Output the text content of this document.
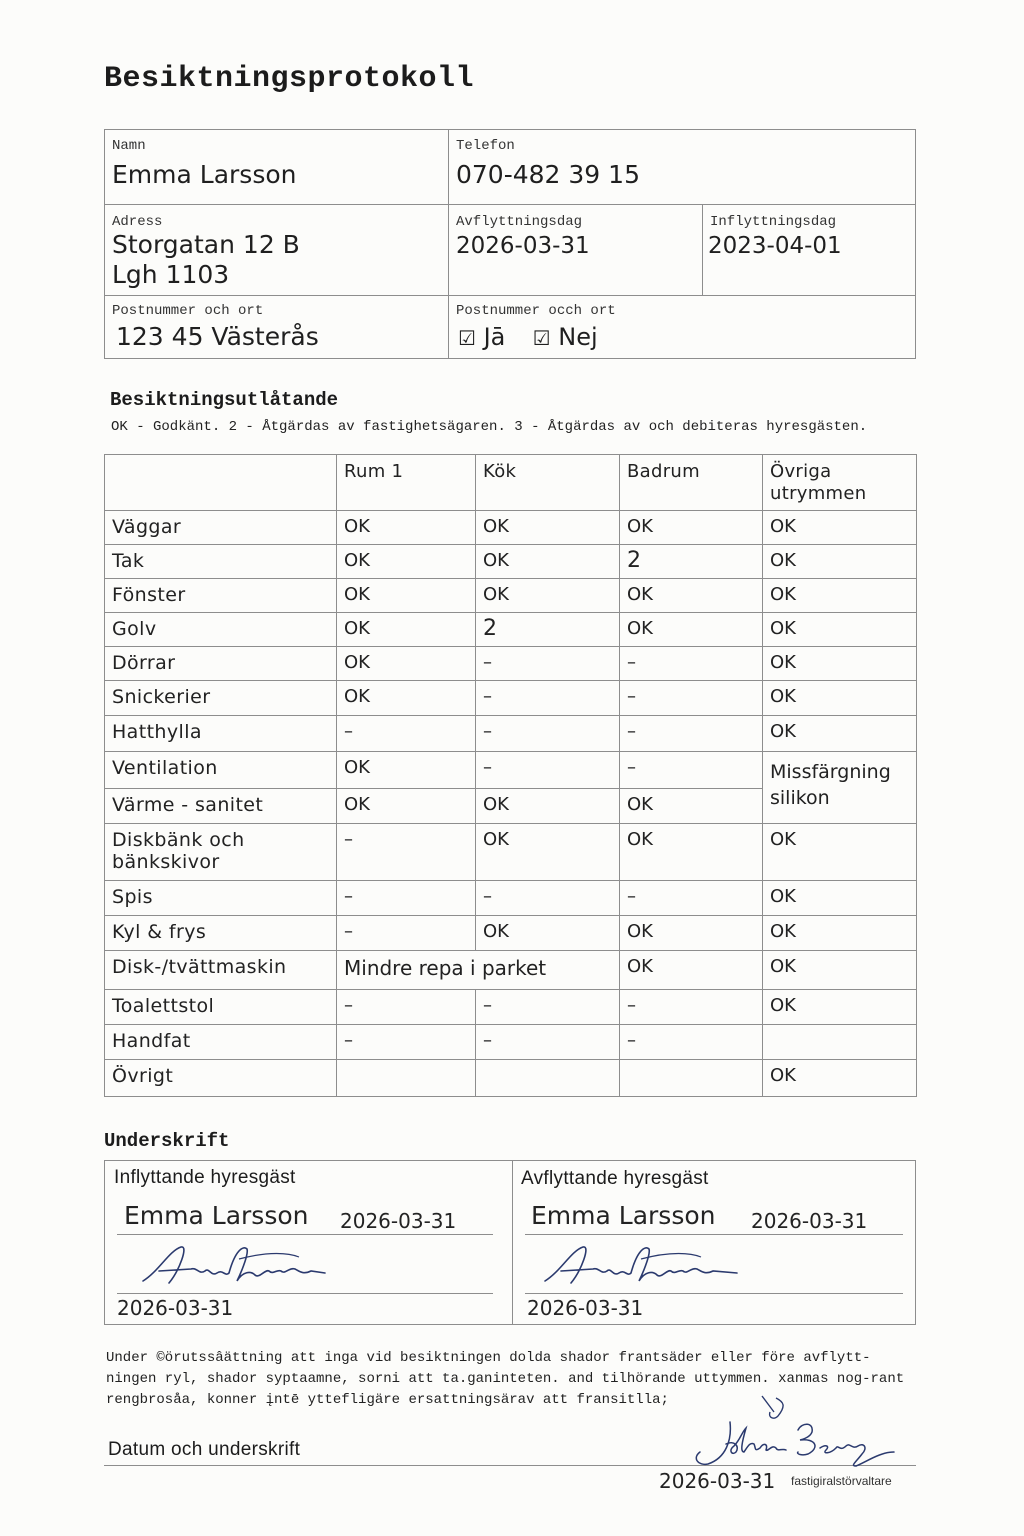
Besiktningsprotokoll
Namn
Emma Larsson
Telefon
070-482 39 15
Adress
Storgatan 12 B
Lgh 1103
Avflyttningsdag
2026-03-31
Inflyttningsdag
2023-04-01
Postnummer och ort
123 45 Västerås
Postnummer occh ort
☑ Jā ☑ Nej
Besiktningsutlåtande
OK - Godkänt. 2 - Åtgärdas av fastighetsägaren. 3 - Åtgärdas av och debiteras hyresgästen.
	Rum 1	Kök	Badrum	Övriga utrymmen
Väggar	OK	OK	OK	OK
Tak	OK	OK	2	OK
Fönster	OK	OK	OK	OK
Golv	OK	2	OK	OK
Dörrar	OK	–	–	OK
Snickerier	OK	–	–	OK
Hatthylla	–	–	–	OK
Ventilation	OK	–	–	Missfärgning silikon
Värme - sanitet	OK	OK	OK	
Diskbänk och bänkskivor	–	OK	OK	OK
Spis	–	–	–	OK
Kyl & frys	–	OK	OK	OK
Disk-/tvättmaskin	Mindre repa i parket		OK	OK
Toalettstol	–	–	–	OK
Handfat	–	–	–	
Övrigt				OK
Underskrift
Inflyttande hyresgäst
Emma Larsson 2026-03-31
2026-03-31
Avflyttande hyresgäst
Emma Larsson 2026-03-31
2026-03-31
Under ©örutssâättning att inga vid besiktningen dolda shador frantsäder eller före avflytt-ningen ryl, shador syptaamne, sorni att ta.ganinteten. and tilhörande uttymmen. xanmas nog-rant rengbrosåa, konner įntē yttefligäre ersattningsärav att fransitlla;
Datum och underskrift
2026-03-31 fastigiralstörvaltare
